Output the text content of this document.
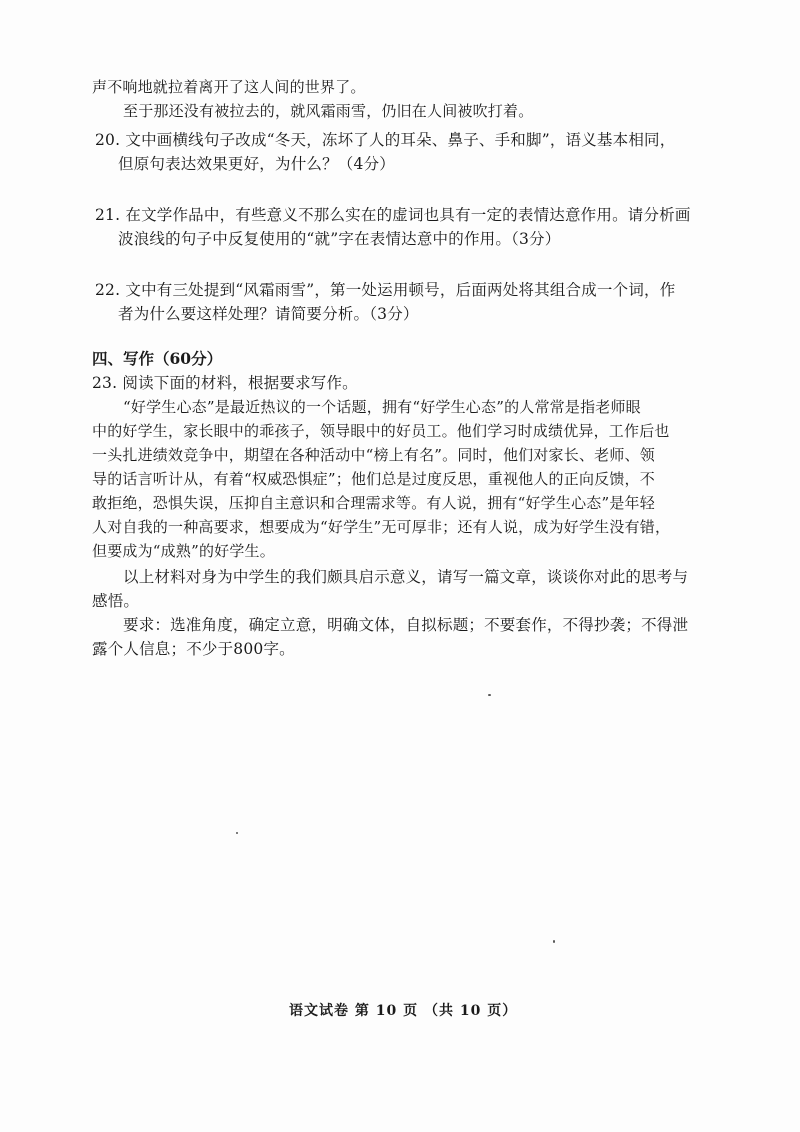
声不响地就拉着离开了这人间的世界了。
至于那还没有被拉去的，就风霜雨雪，仍旧在人间被吹打着。
20. 文中画横线句子改成“冬天，冻坏了人的耳朵、鼻子、手和脚”，语义基本相同，
但原句表达效果更好，为什么？（4分）
21. 在文学作品中，有些意义不那么实在的虚词也具有一定的表情达意作用。请分析画
波浪线的句子中反复使用的“就”字在表情达意中的作用。（3分）
22. 文中有三处提到“风霜雨雪”，第一处运用顿号，后面两处将其组合成一个词，作
者为什么要这样处理？请简要分析。（3分）
四、写作（60分）
23. 阅读下面的材料，根据要求写作。
“好学生心态”是最近热议的一个话题，拥有“好学生心态”的人常常是指老师眼
中的好学生，家长眼中的乖孩子，领导眼中的好员工。他们学习时成绩优异，工作后也
一头扎进绩效竞争中，期望在各种活动中“榜上有名”。同时，他们对家长、老师、领
导的话言听计从，有着“权威恐惧症”；他们总是过度反思，重视他人的正向反馈，不
敢拒绝，恐惧失误，压抑自主意识和合理需求等。有人说，拥有“好学生心态”是年轻
人对自我的一种高要求，想要成为“好学生”无可厚非；还有人说，成为好学生没有错，
但要成为“成熟”的好学生。
以上材料对身为中学生的我们颇具启示意义，请写一篇文章，谈谈你对此的思考与
感悟。
要求：选准角度，确定立意，明确文体，自拟标题；不要套作，不得抄袭；不得泄
露个人信息；不少于800字。
语文试卷 第 10 页 （共 10 页）
